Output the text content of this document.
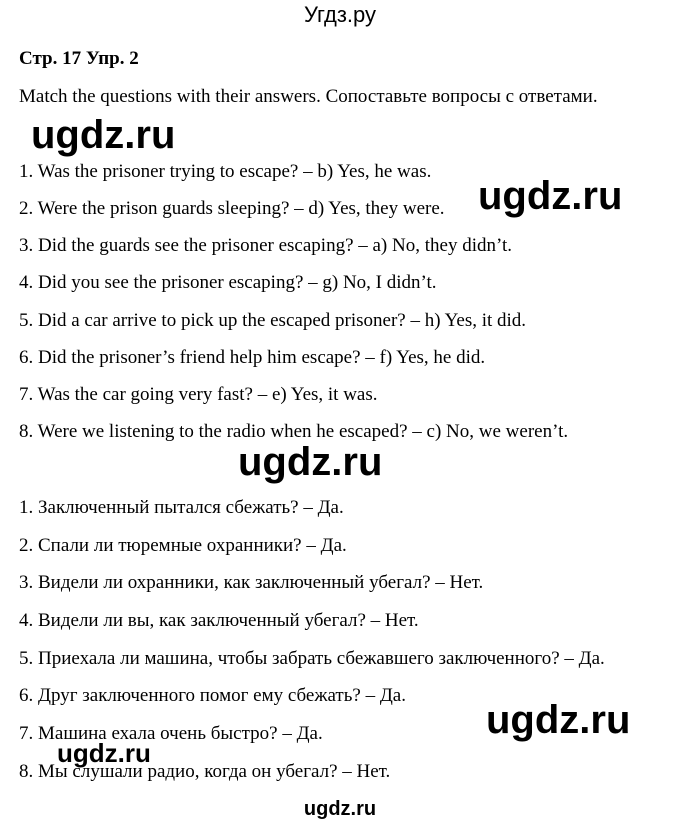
Угдз.ру
Стр. 17 Упр. 2
Match the questions with their answers. Сопоставьте вопросы с ответами.
ugdz.ru
1. Was the prisoner trying to escape? – b) Yes, he was.
2. Were the prison guards sleeping? – d) Yes, they were.
3. Did the guards see the prisoner escaping? – a) No, they didn’t.
4. Did you see the prisoner escaping? – g) No, I didn’t.
5. Did a car arrive to pick up the escaped prisoner? – h) Yes, it did.
6. Did the prisoner’s friend help him escape? – f) Yes, he did.
7. Was the car going very fast? – e) Yes, it was.
8. Were we listening to the radio when he escaped? – c) No, we weren’t.
ugdz.ru
ugdz.ru
1. Заключенный пытался сбежать? – Да.
2. Спали ли тюремные охранники? – Да.
3. Видели ли охранники, как заключенный убегал? – Нет.
4. Видели ли вы, как заключенный убегал? – Нет.
5. Приехала ли машина, чтобы забрать сбежавшего заключенного? – Да.
6. Друг заключенного помог ему сбежать? – Да.
7. Машина ехала очень быстро? – Да.
8. Мы слушали радио, когда он убегал? – Нет.
ugdz.ru
ugdz.ru
ugdz.ru
